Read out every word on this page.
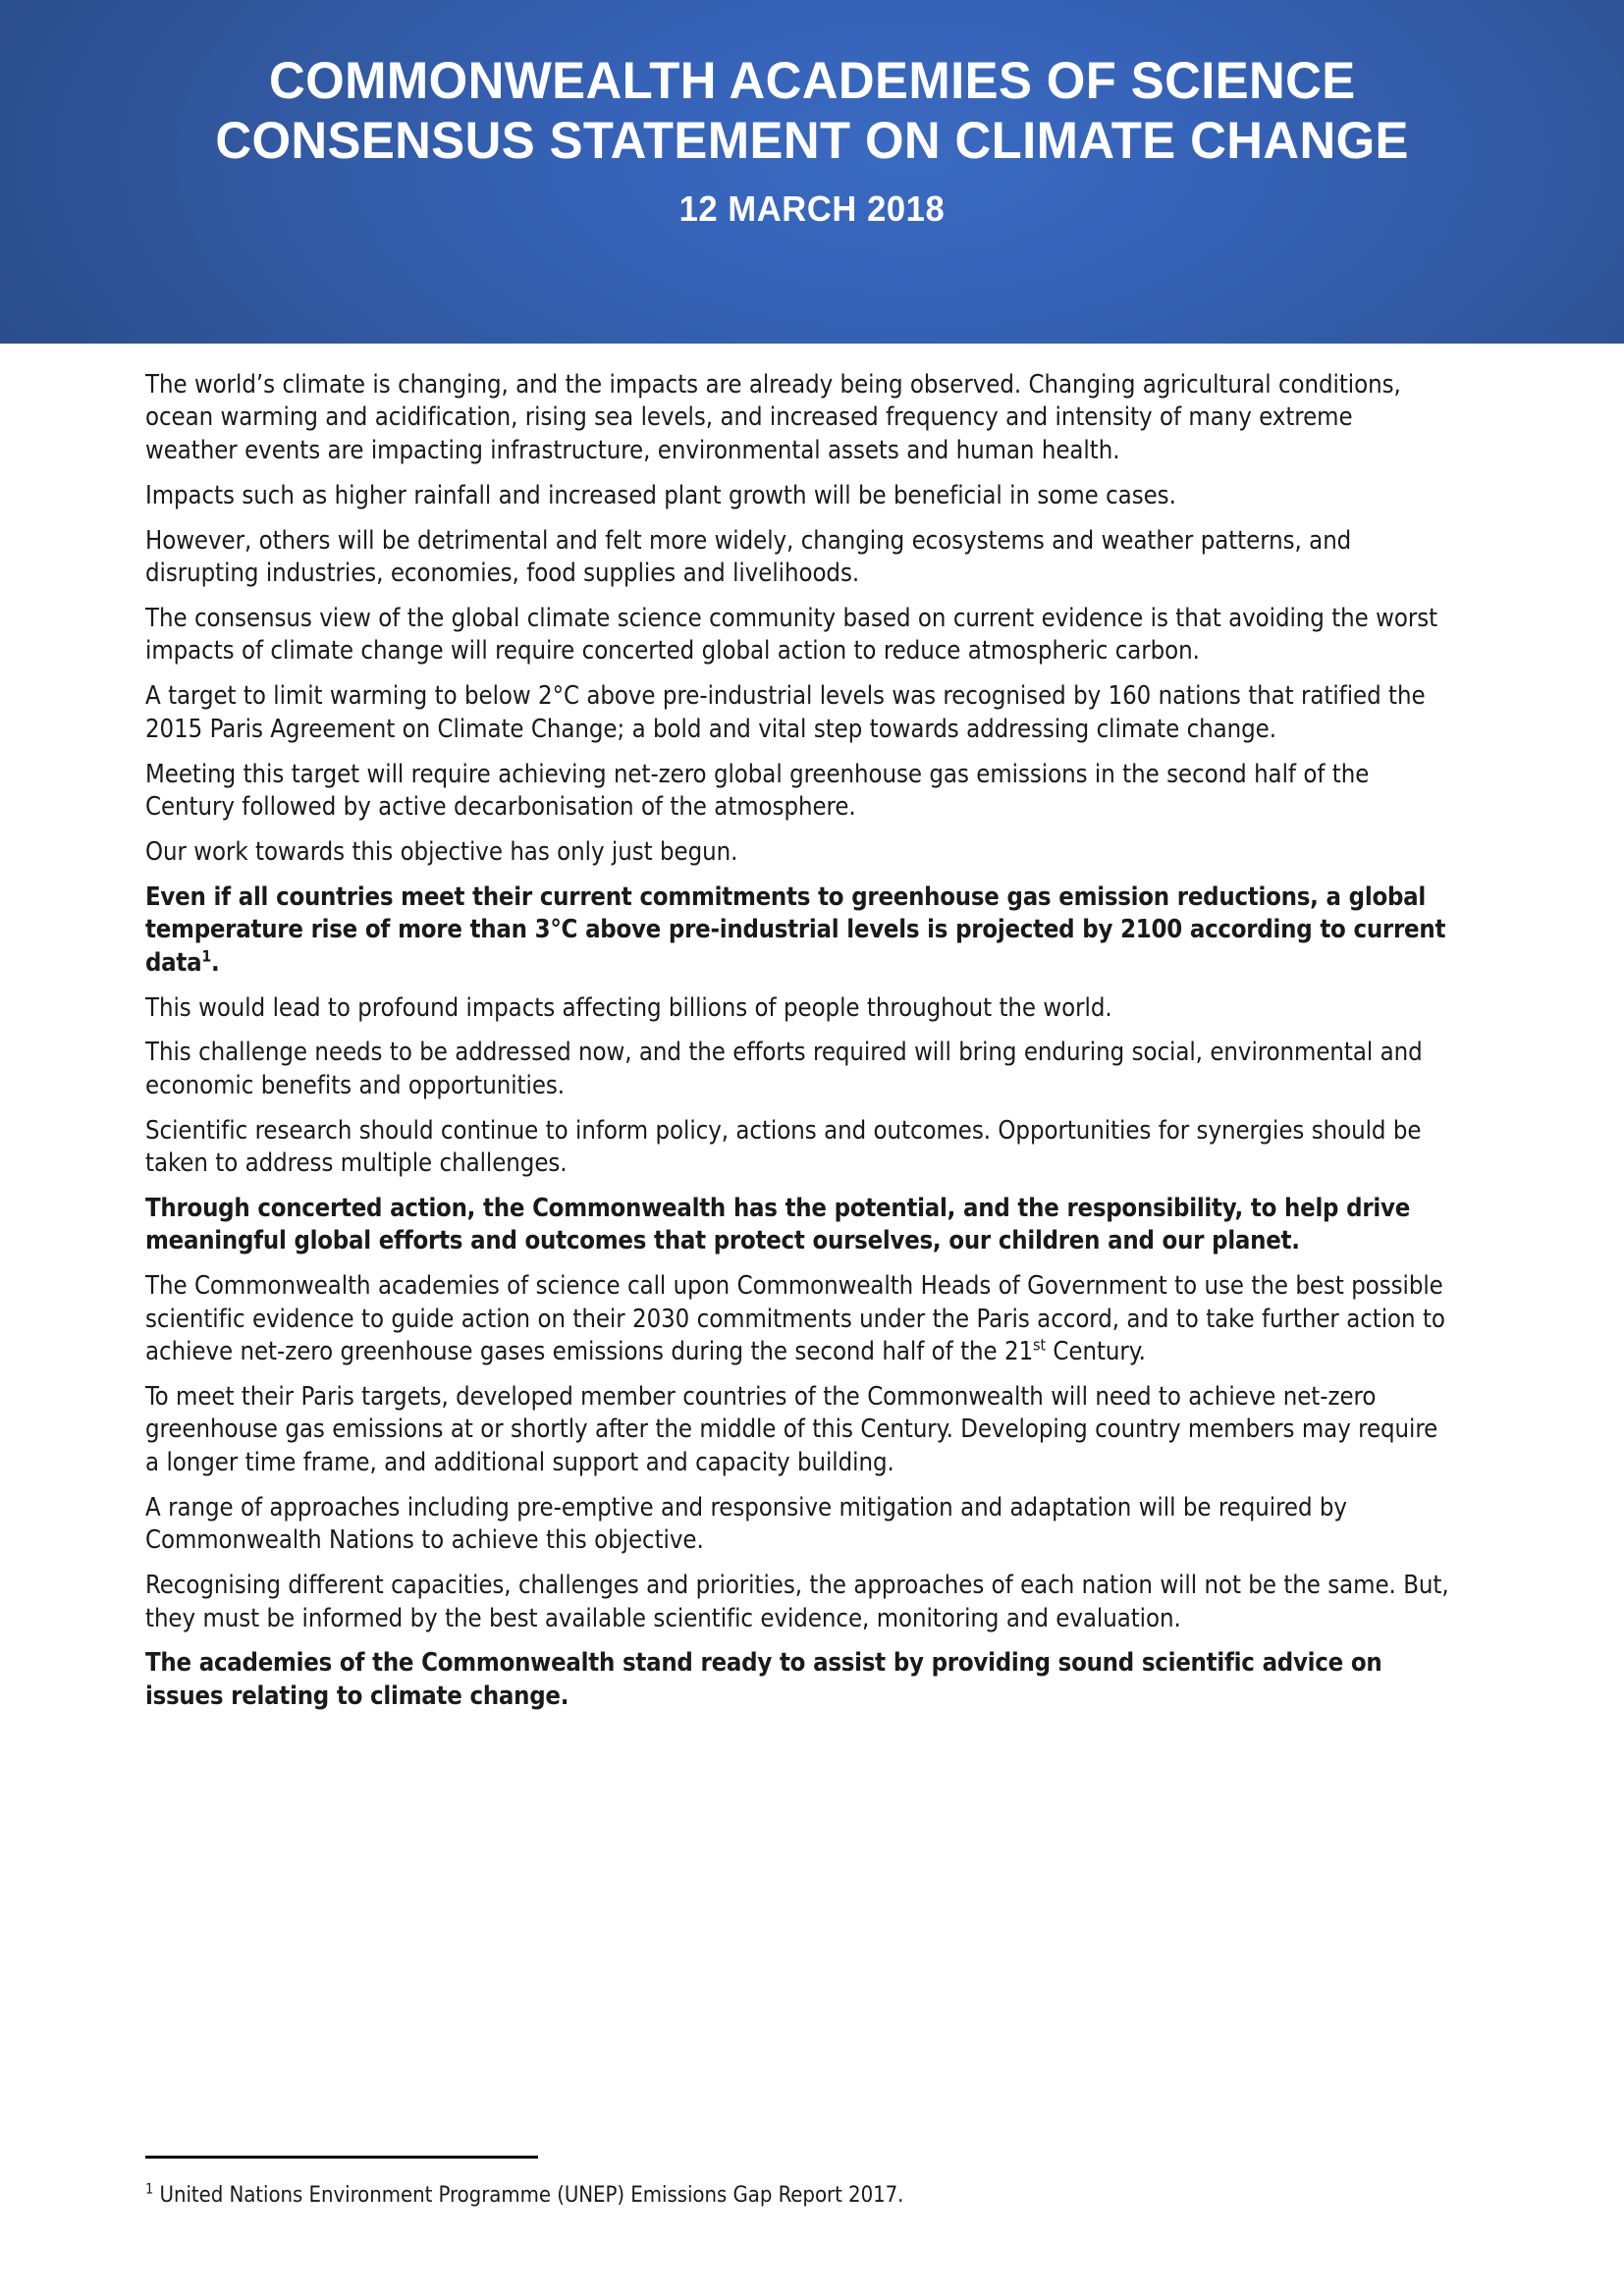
COMMONWEALTH ACADEMIES OF SCIENCE
CONSENSUS STATEMENT ON CLIMATE CHANGE
12 MARCH 2018

The world’s climate is changing, and the impacts are already being observed. Changing agricultural conditions, ocean warming and acidification, rising sea levels, and increased frequency and intensity of many extreme weather events are impacting infrastructure, environmental assets and human health.

Impacts such as higher rainfall and increased plant growth will be beneficial in some cases.

However, others will be detrimental and felt more widely, changing ecosystems and weather patterns, and disrupting industries, economies, food supplies and livelihoods.

The consensus view of the global climate science community based on current evidence is that avoiding the worst impacts of climate change will require concerted global action to reduce atmospheric carbon.

A target to limit warming to below 2°C above pre-industrial levels was recognised by 160 nations that ratified the 2015 Paris Agreement on Climate Change; a bold and vital step towards addressing climate change.

Meeting this target will require achieving net-zero global greenhouse gas emissions in the second half of the Century followed by active decarbonisation of the atmosphere.

Our work towards this objective has only just begun.

Even if all countries meet their current commitments to greenhouse gas emission reductions, a global temperature rise of more than 3°C above pre-industrial levels is projected by 2100 according to current data$^1$.

This would lead to profound impacts affecting billions of people throughout the world.

This challenge needs to be addressed now, and the efforts required will bring enduring social, environmental and economic benefits and opportunities.

Scientific research should continue to inform policy, actions and outcomes. Opportunities for synergies should be taken to address multiple challenges.

Through concerted action, the Commonwealth has the potential, and the responsibility, to help drive meaningful global efforts and outcomes that protect ourselves, our children and our planet.

The Commonwealth academies of science call upon Commonwealth Heads of Government to use the best possible scientific evidence to guide action on their 2030 commitments under the Paris accord, and to take further action to achieve net-zero greenhouse gases emissions during the second half of the 21st Century.

To meet their Paris targets, developed member countries of the Commonwealth will need to achieve net-zero greenhouse gas emissions at or shortly after the middle of this Century. Developing country members may require a longer time frame, and additional support and capacity building.

A range of approaches including pre-emptive and responsive mitigation and adaptation will be required by Commonwealth Nations to achieve this objective.

Recognising different capacities, challenges and priorities, the approaches of each nation will not be the same. But, they must be informed by the best available scientific evidence, monitoring and evaluation.

The academies of the Commonwealth stand ready to assist by providing sound scientific advice on issues relating to climate change.

$^1$ United Nations Environment Programme (UNEP) Emissions Gap Report 2017.
